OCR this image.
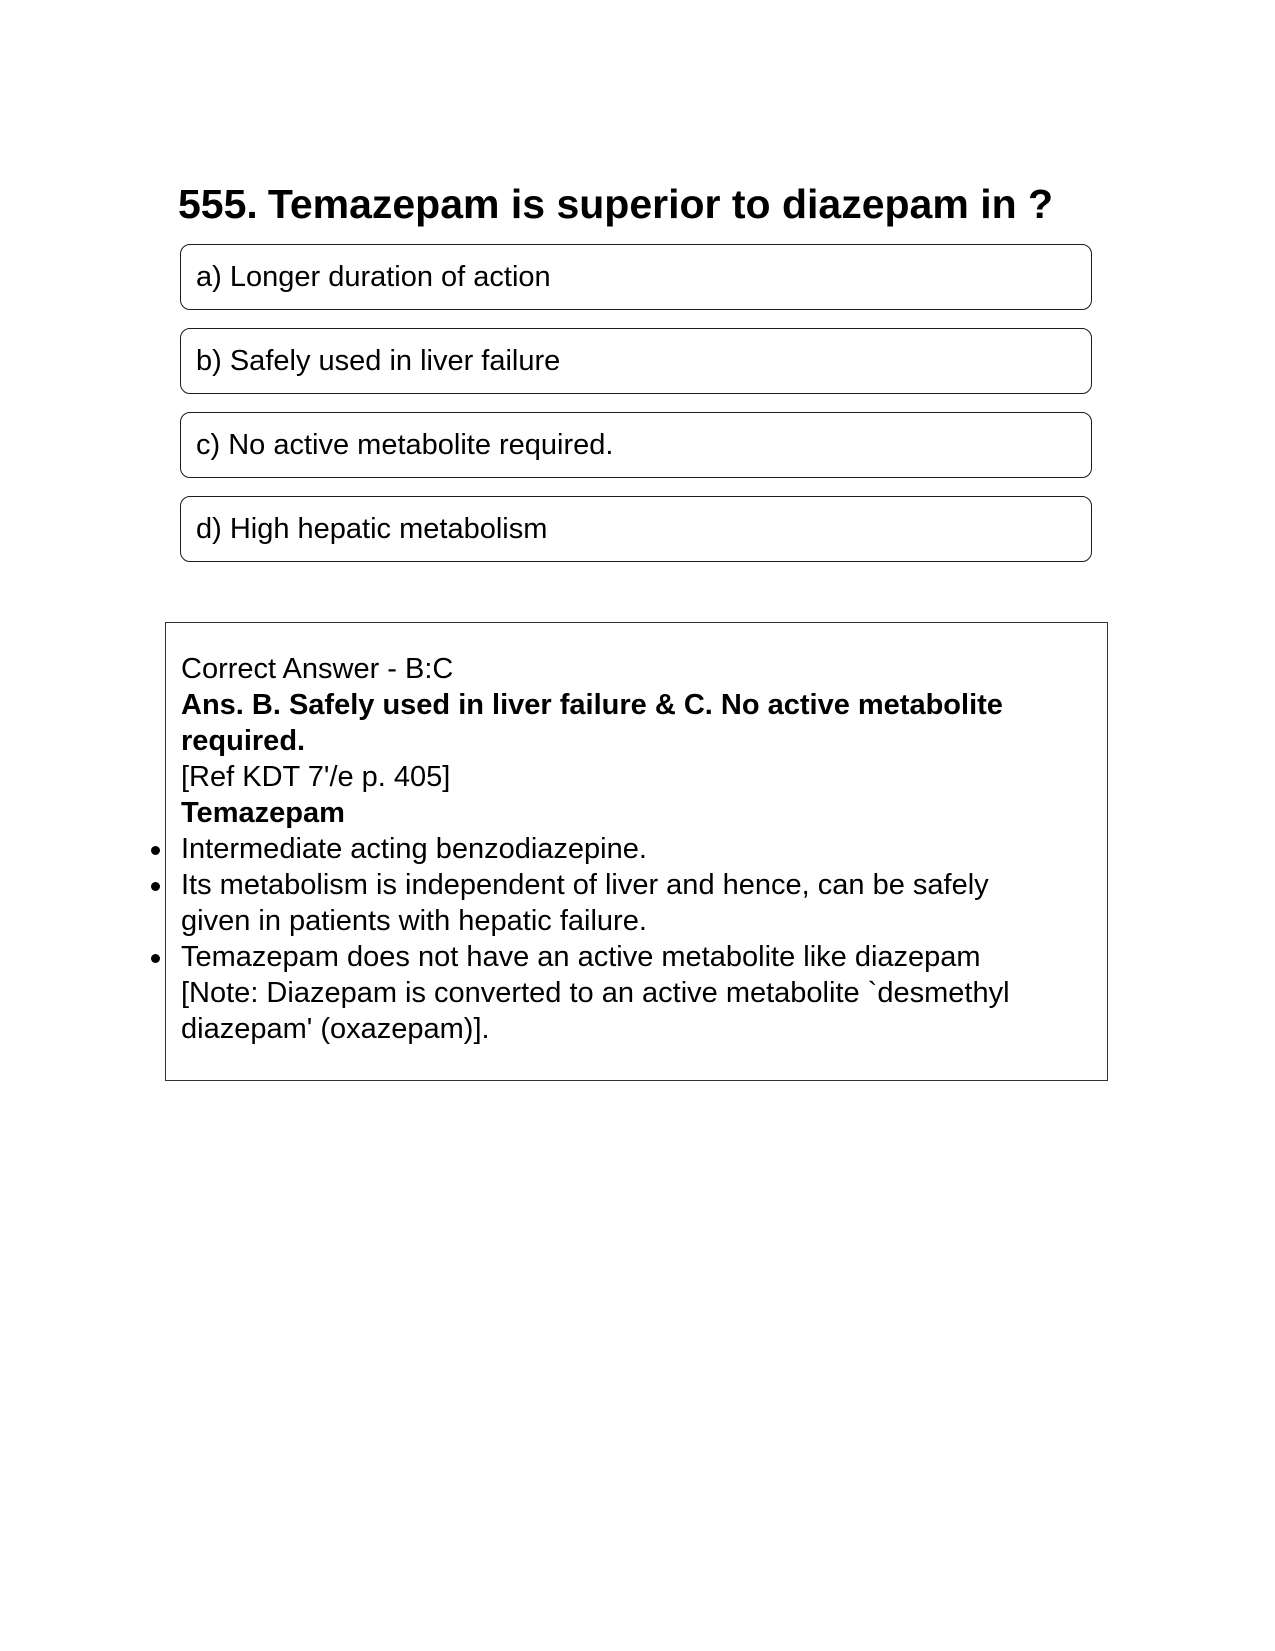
555. Temazepam is superior to diazepam in ?
a) Longer duration of action
b) Safely used in liver failure
c) No active metabolite required.
d) High hepatic metabolism

Correct Answer - B:C

Ans. B. Safely used in liver failure & C. No active metabolite required.

[Ref KDT 7'/e p. 405]

Temazepam

Intermediate acting benzodiazepine.
Its metabolism is independent of liver and hence, can be safely given in patients with hepatic failure.
Temazepam does not have an active metabolite like diazepam [Note: Diazepam is converted to an active metabolite `desmethyl diazepam' (oxazepam)].
